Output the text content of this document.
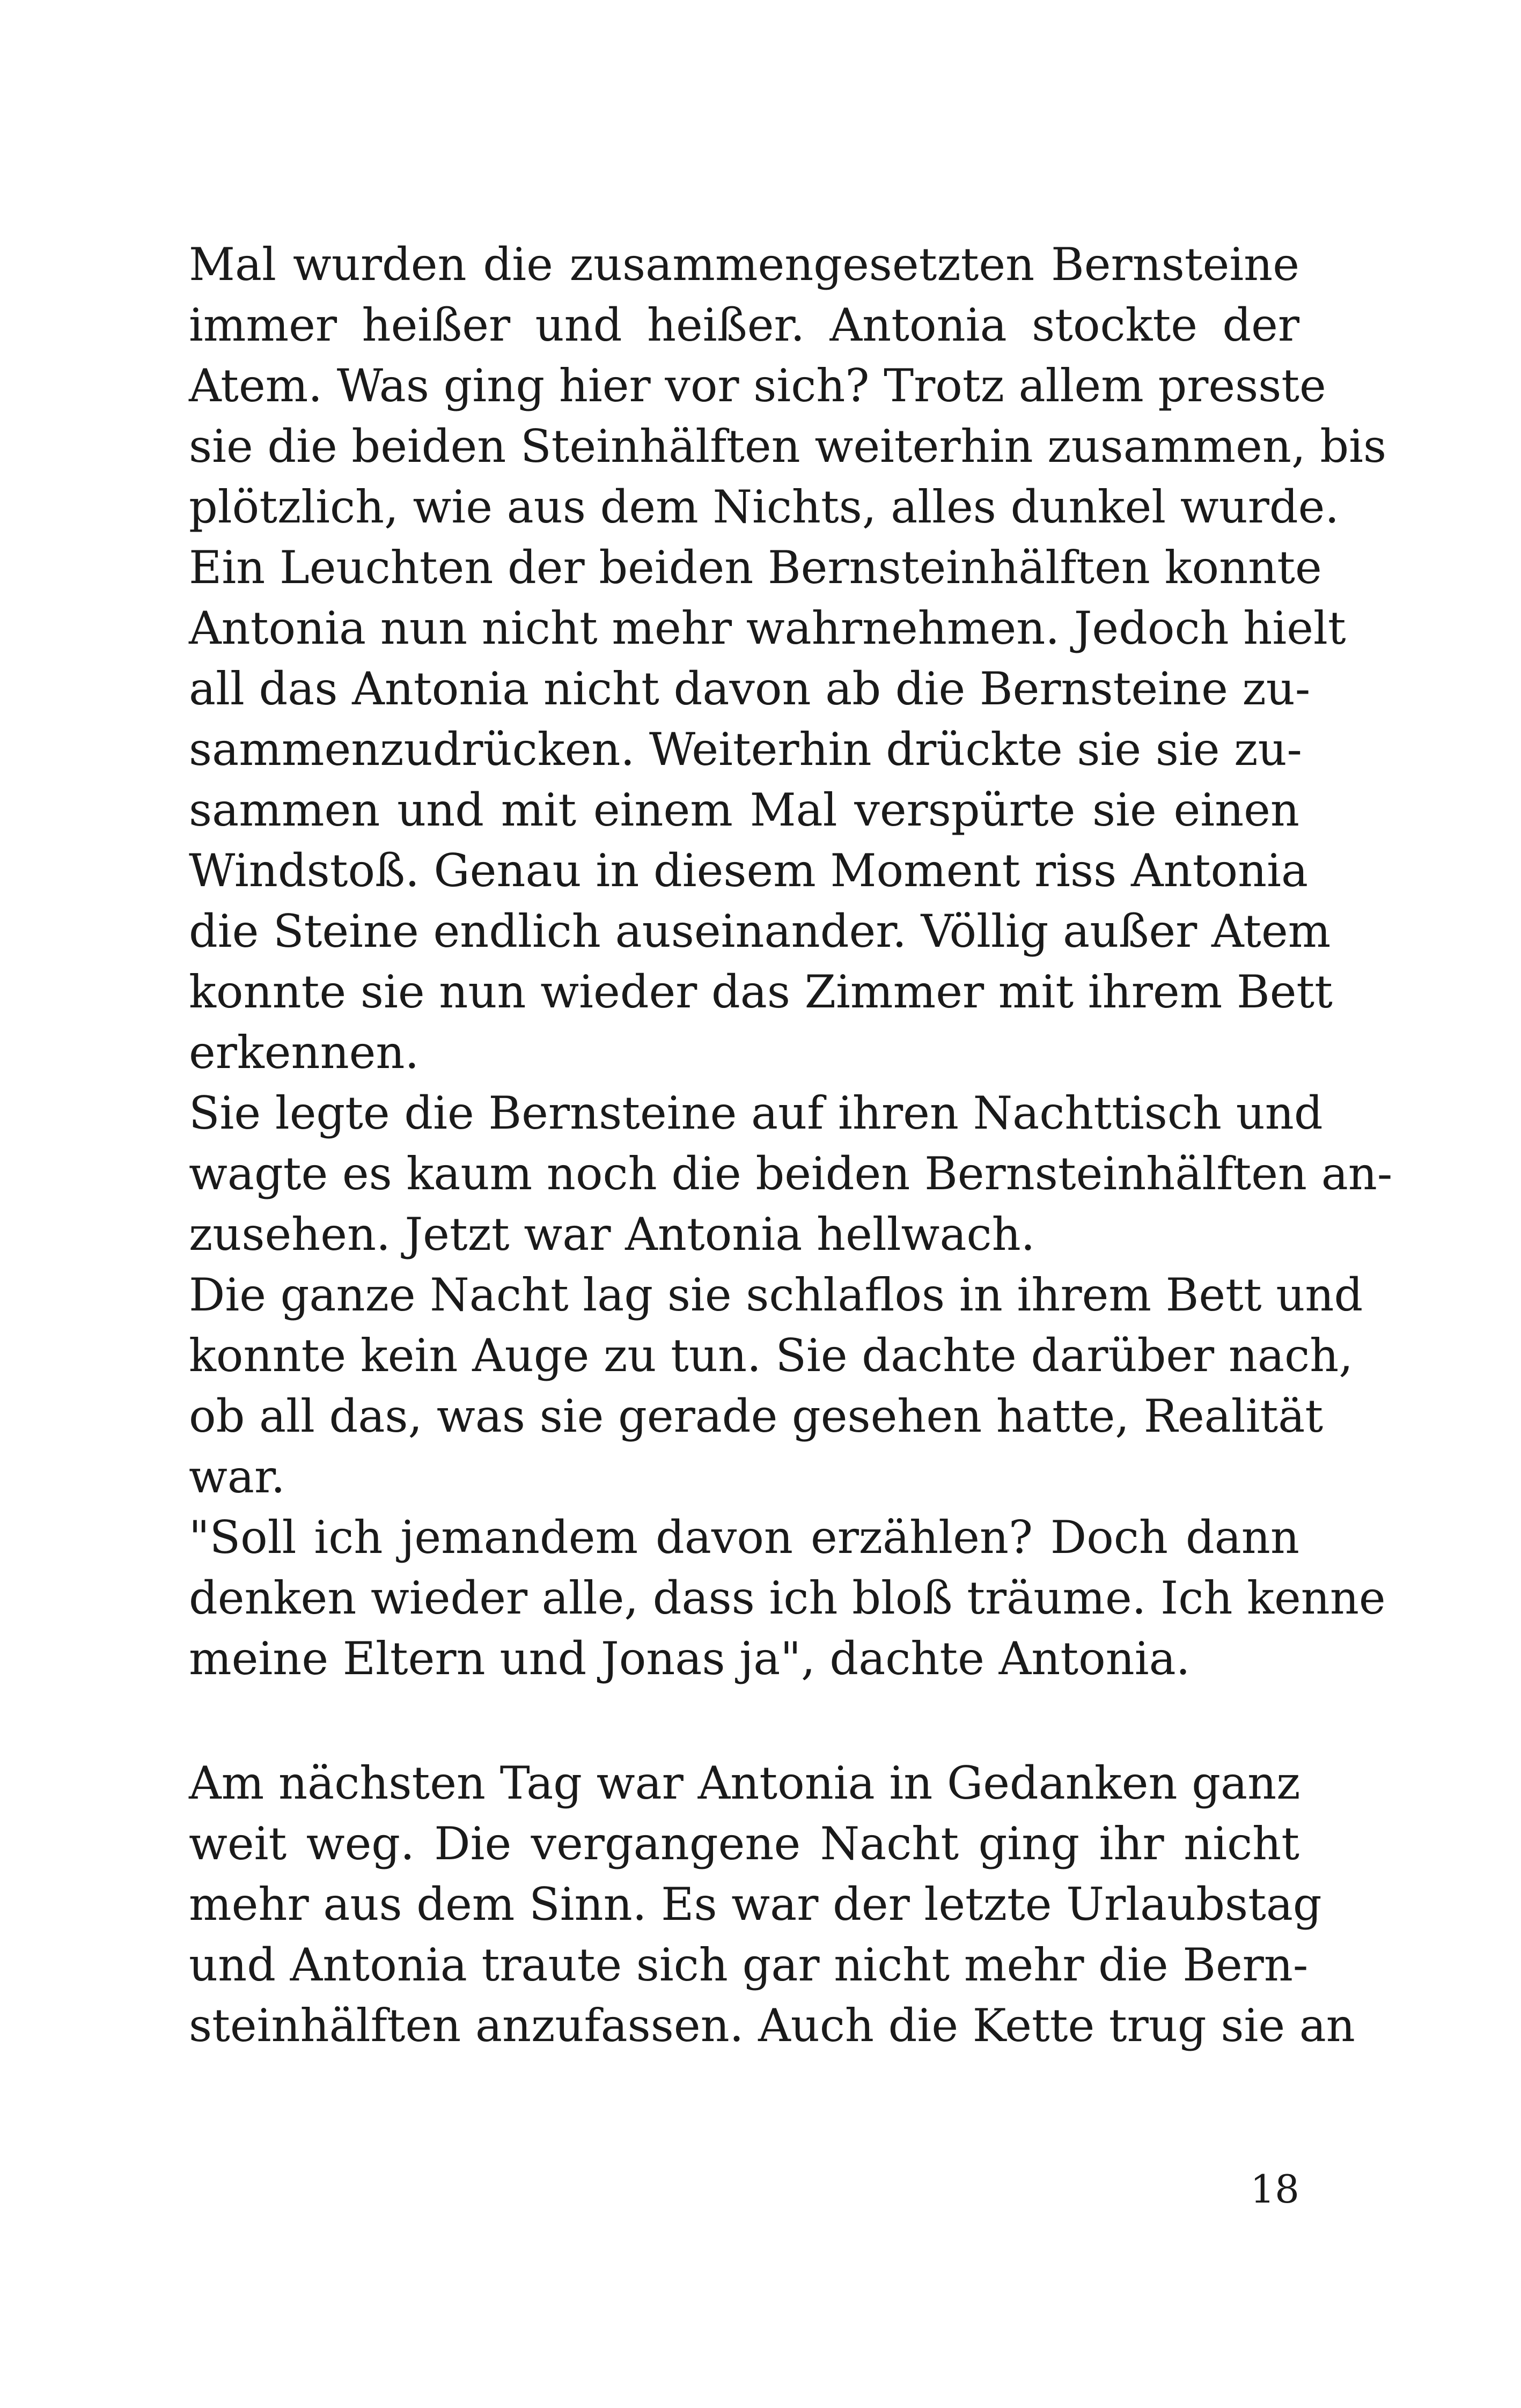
Mal wurden die zusammengesetzten Bernsteine
immer heißer und heißer. Antonia stockte der
Atem. Was ging hier vor sich? Trotz allem presste
sie die beiden Steinhälften weiterhin zusammen, bis
plötzlich, wie aus dem Nichts, alles dunkel wurde.
Ein Leuchten der beiden Bernsteinhälften konnte
Antonia nun nicht mehr wahrnehmen. Jedoch hielt
all das Antonia nicht davon ab die Bernsteine zu-
sammenzudrücken. Weiterhin drückte sie sie zu-
sammen und mit einem Mal verspürte sie einen
Windstoß. Genau in diesem Moment riss Antonia
die Steine endlich auseinander. Völlig außer Atem
konnte sie nun wieder das Zimmer mit ihrem Bett
erkennen.
Sie legte die Bernsteine auf ihren Nachttisch und
wagte es kaum noch die beiden Bernsteinhälften an-
zusehen. Jetzt war Antonia hellwach.
Die ganze Nacht lag sie schlaflos in ihrem Bett und
konnte kein Auge zu tun. Sie dachte darüber nach,
ob all das, was sie gerade gesehen hatte, Realität
war.
"Soll ich jemandem davon erzählen? Doch dann
denken wieder alle, dass ich bloß träume. Ich kenne
meine Eltern und Jonas ja", dachte Antonia.
Am nächsten Tag war Antonia in Gedanken ganz
weit weg. Die vergangene Nacht ging ihr nicht
mehr aus dem Sinn. Es war der letzte Urlaubstag
und Antonia traute sich gar nicht mehr die Bern-
steinhälften anzufassen. Auch die Kette trug sie an
18
